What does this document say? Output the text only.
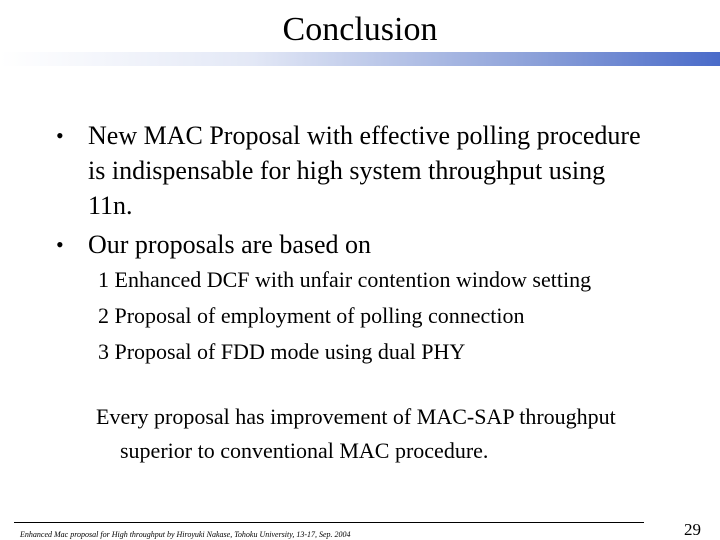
Conclusion
• New MAC Proposal with effective polling procedure
is indispensable for high system throughput using
11n.
• Our proposals are based on
1 Enhanced DCF with unfair contention window setting
2 Proposal of employment of polling connection
3 Proposal of FDD mode using dual PHY

Every proposal has improvement of MAC-SAP throughput
superior to conventional MAC procedure.

Enhanced Mac proposal for High throughput by Hiroyuki Nakase, Tohoku University, 13-17, Sep. 2004	29
